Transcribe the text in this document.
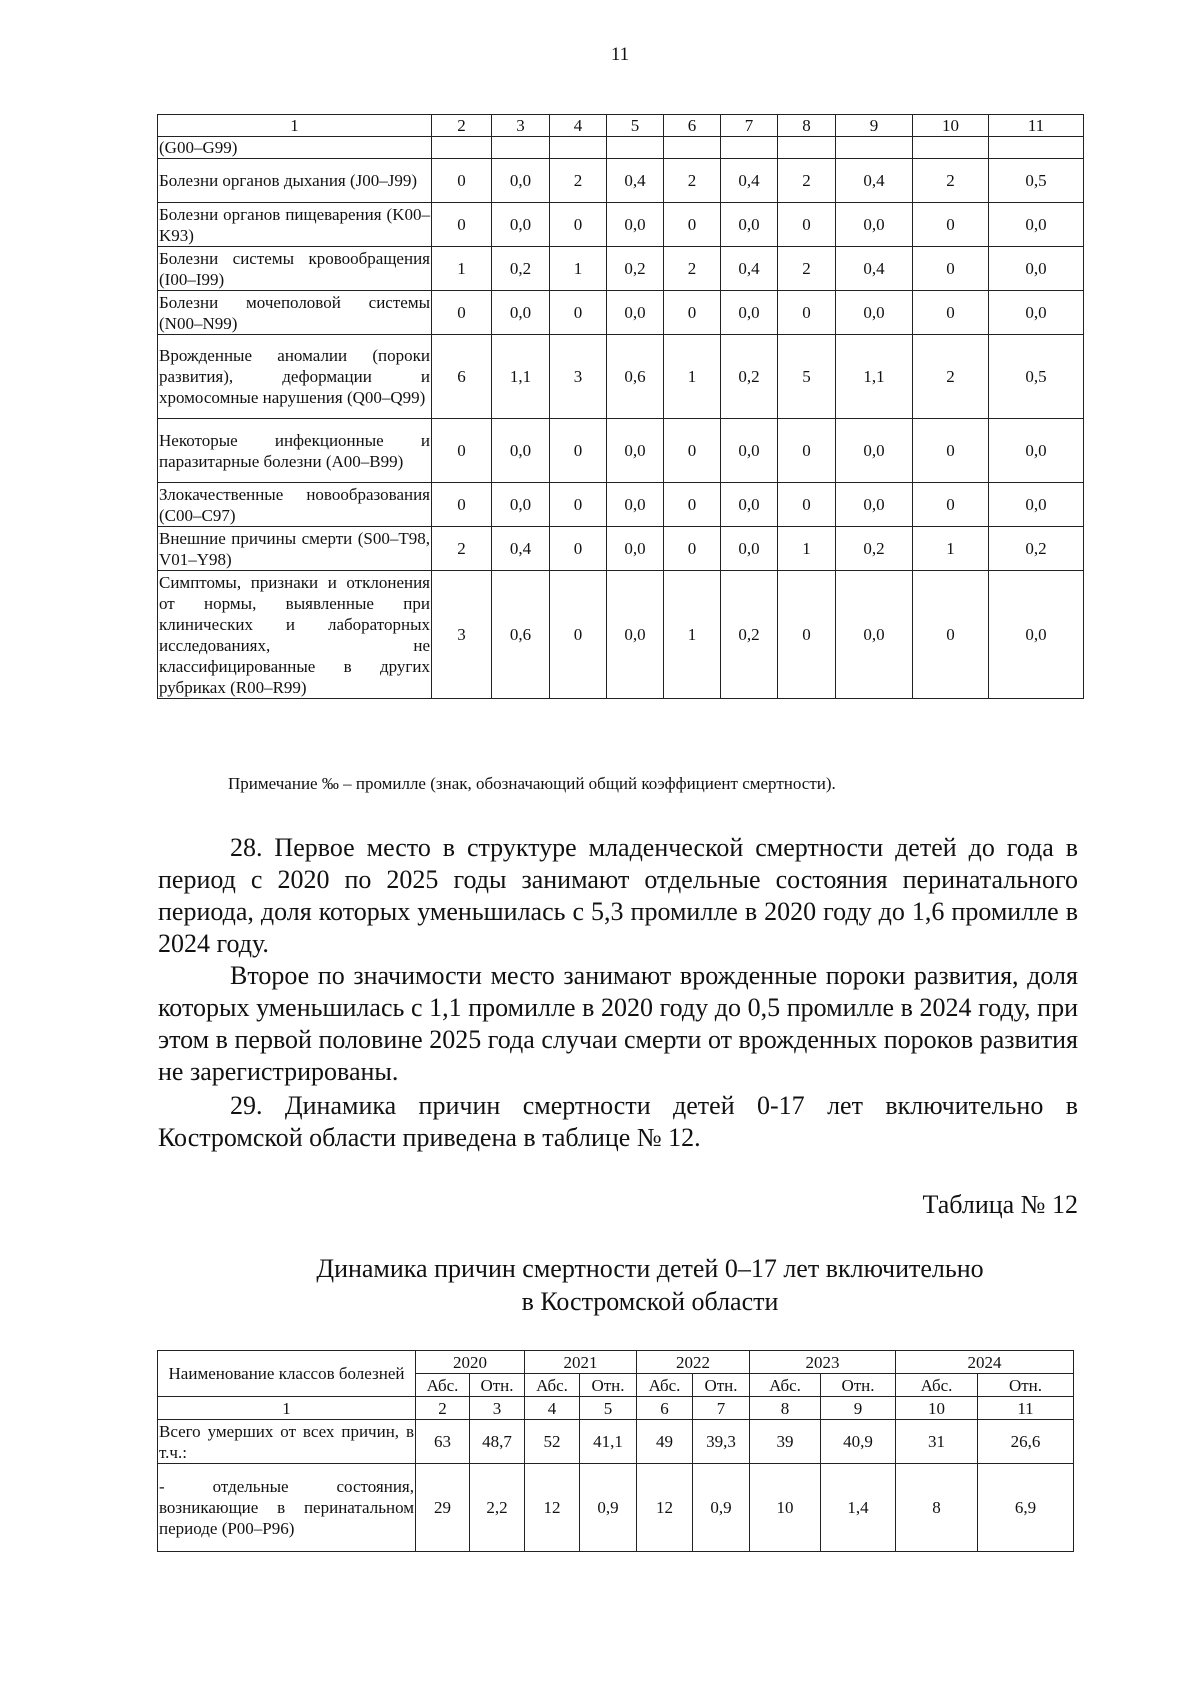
11
1	2	3	4	5	6	7	8	9	10	11
(G00–G99)										
Болезни органов дыхания (J00–J99)	0	0,0	2	0,4	2	0,4	2	0,4	2	0,5
Болезни органов пищеварения (K00–K93)	0	0,0	0	0,0	0	0,0	0	0,0	0	0,0
Болезни системы кровообращения (I00–I99)	1	0,2	1	0,2	2	0,4	2	0,4	0	0,0
Болезни мочеполовой системы (N00–N99)	0	0,0	0	0,0	0	0,0	0	0,0	0	0,0
Врожденные аномалии (пороки развития), деформации и хромосомные нарушения (Q00–Q99)	6	1,1	3	0,6	1	0,2	5	1,1	2	0,5
Некоторые инфекционные и паразитарные болезни (A00–B99)	0	0,0	0	0,0	0	0,0	0	0,0	0	0,0
Злокачественные новообразования (C00–C97)	0	0,0	0	0,0	0	0,0	0	0,0	0	0,0
Внешние причины смерти (S00–T98, V01–Y98)	2	0,4	0	0,0	0	0,0	1	0,2	1	0,2
Симптомы, признаки и отклонения от нормы, выявленные при клинических и лабораторных исследованиях, не классифицированные в других рубриках (R00–R99)	3	0,6	0	0,0	1	0,2	0	0,0	0	0,0
Примечание ‰ – промилле (знак, обозначающий общий коэффициент смертности).
28. Первое место в структуре младенческой смертности детей до года в период с 2020 по 2025 годы занимают отдельные состояния перинатального периода, доля которых уменьшилась с 5,3 промилле в 2020 году до 1,6 промилле в 2024 году.
Второе по значимости место занимают врожденные пороки развития, доля которых уменьшилась с 1,1 промилле в 2020 году до 0,5 промилле в 2024 году, при этом в первой половине 2025 года случаи смерти от врожденных пороков развития не зарегистрированы.
29. Динамика причин смертности детей 0-17 лет включительно в Костромской области приведена в таблице № 12.
Таблица № 12
Динамика причин смертности детей 0–17 лет включительно
в Костромской области
Наименование классов болезней	2020		2021		2022		2023		2024	
	Абс.	Отн.	Абс.	Отн.	Абс.	Отн.	Абс.	Отн.	Абс.	Отн.
1	2	3	4	5	6	7	8	9	10	11
Всего умерших от всех причин, в т.ч.:	63	48,7	52	41,1	49	39,3	39	40,9	31	26,6
- отдельные состояния, возникающие в перинатальном периоде (P00–P96)	29	2,2	12	0,9	12	0,9	10	1,4	8	6,9
